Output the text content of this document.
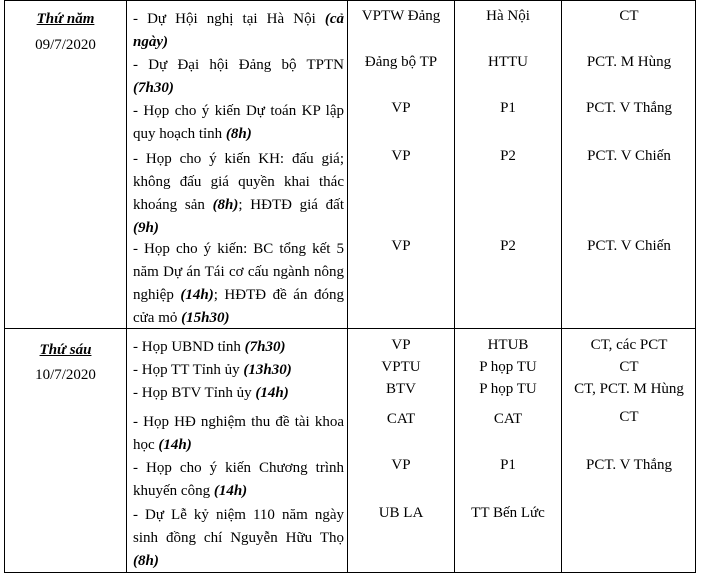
Thứ năm
09/7/2020
- Dự Hội nghị tại Hà Nội (cả ngày)
VPTW Đảng	Hà Nội	CT
- Dự Đại hội Đảng bộ TPTN (7h30)
Đảng bộ TP	HTTU	PCT. M Hùng
- Họp cho ý kiến Dự toán KP lập quy hoạch tỉnh (8h)
VP	P1	PCT. V Thắng
- Họp cho ý kiến KH: đấu giá; không đấu giá quyền khai thác khoáng sản (8h); HĐTĐ giá đất (9h)
VP	P2	PCT. V Chiến
- Họp cho ý kiến: BC tổng kết 5 năm Dự án Tái cơ cấu ngành nông nghiệp (14h); HĐTĐ đề án đóng cửa mỏ (15h30)
VP	P2	PCT. V Chiến
Thứ sáu
10/7/2020
- Họp UBND tỉnh (7h30)	VP	HTUB	CT, các PCT
- Họp TT Tỉnh ủy (13h30)	VPTU	P họp TU	CT
- Họp BTV Tỉnh ủy (14h)	BTV	P họp TU	CT, PCT. M Hùng
- Họp HĐ nghiệm thu đề tài khoa học (14h)
CAT	CAT	CT
- Họp cho ý kiến Chương trình khuyến công (14h)
VP	P1	PCT. V Thắng
- Dự Lễ kỷ niệm 110 năm ngày sinh đồng chí Nguyễn Hữu Thọ (8h)
UB LA	TT Bến Lức
